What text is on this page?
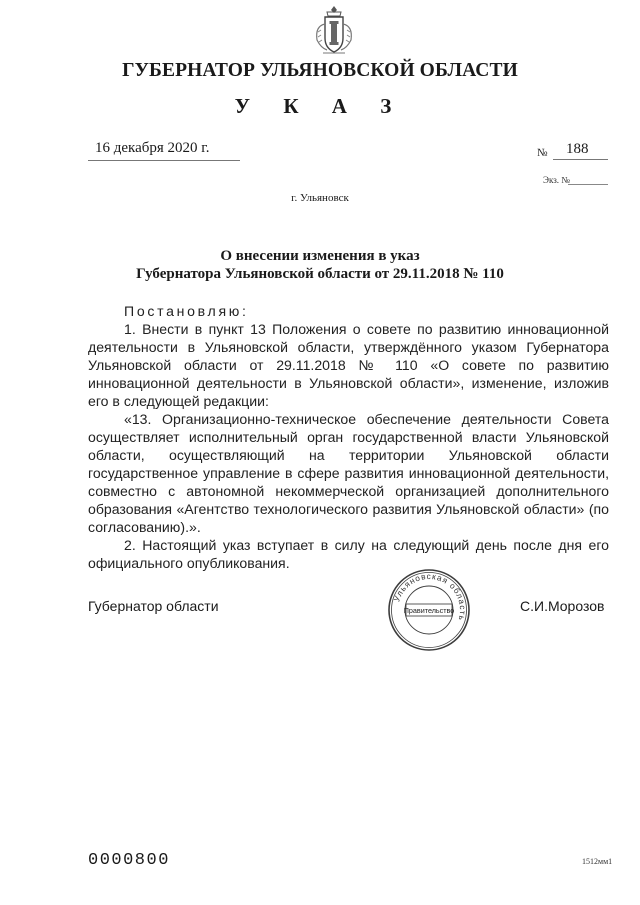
ГУБЕРНАТОР УЛЬЯНОВСКОЙ ОБЛАСТИ
У К А З
16 декабря 2020 г.	№ 188
Экз. №
г. Ульяновск
О внесении изменения в указ
Губернатора Ульяновской области от 29.11.2018 № 110

Постановляю:

1. Внести в пункт 13 Положения о совете по развитию инновационной деятельности в Ульяновской области, утверждённого указом Губернатора Ульяновской области от 29.11.2018 № 110 «О совете по развитию инновационной деятельности в Ульяновской области», изменение, изложив его в следующей редакции:

«13. Организационно-техническое обеспечение деятельности Совета осуществляет исполнительный орган государственной власти Ульяновской области, осуществляющий на территории Ульяновской области государственное управление в сфере развития инновационной деятельности, совместно с автономной некоммерческой организацией дополнительного образования «Агентство технологического развития Ульяновской области» (по согласованию).».

2. Настоящий указ вступает в силу на следующий день после дня его официального опубликования.

Губернатор области	Ульяновская область
Правительство	С.И.Морозов
0000800	1512мм1
